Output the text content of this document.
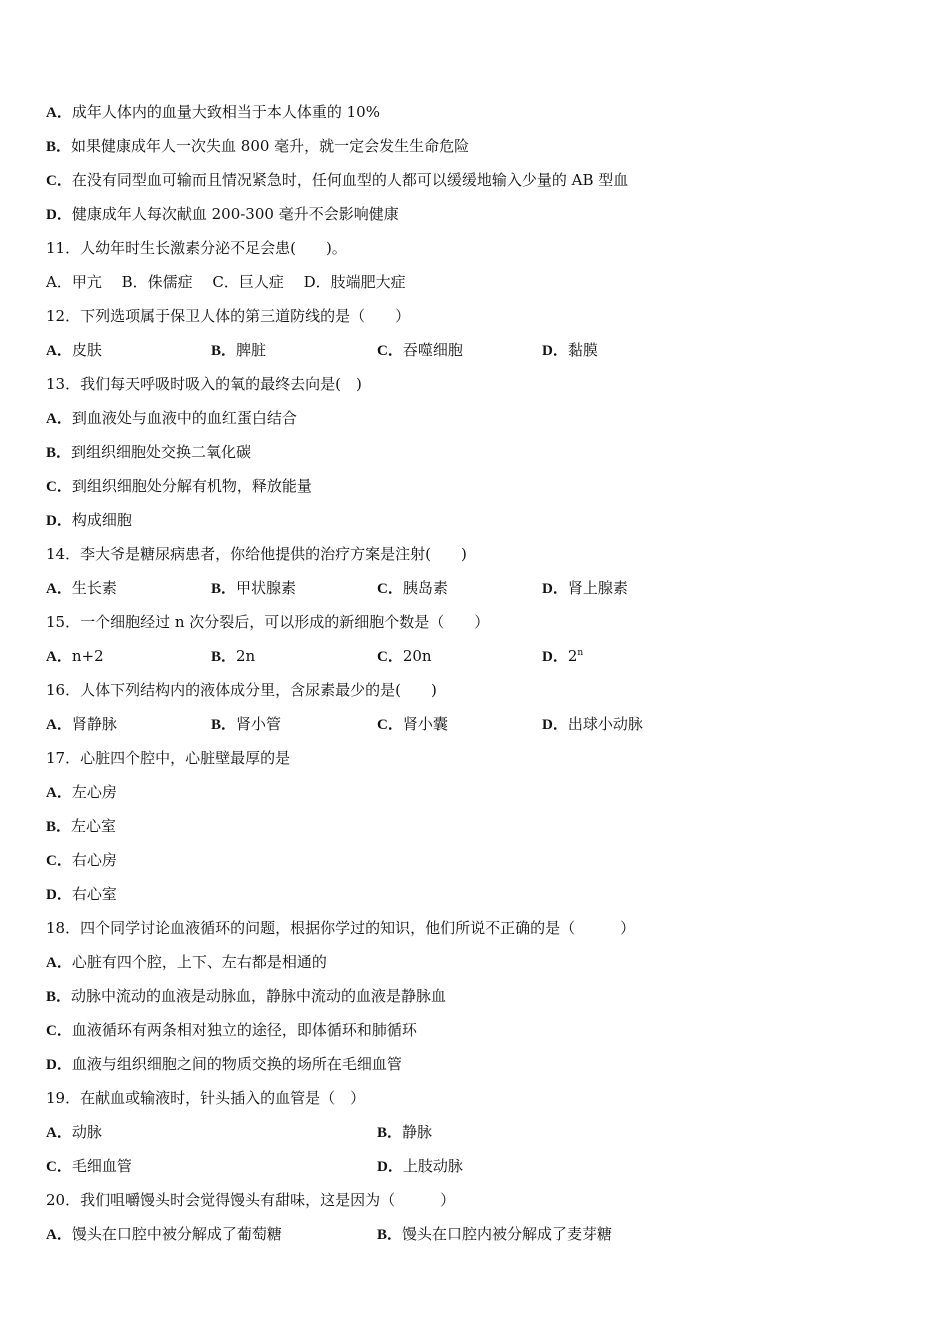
A．成年人体内的血量大致相当于本人体重的 10%
B．如果健康成年人一次失血 800 毫升，就一定会发生生命危险
C．在没有同型血可输而且情况紧急时，任何血型的人都可以缓缓地输入少量的 AB 型血
D．健康成年人每次献血 200-300 毫升不会影响健康
11．人幼年时生长激素分泌不足会患(　　)。
A．甲亢　 B．侏儒症　 C．巨人症　 D．肢端肥大症
12．下列选项属于保卫人体的第三道防线的是（　　）
A．皮肤	B．脾脏	C．吞噬细胞	D．黏膜
13．我们每天呼吸时吸入的氧的最终去向是(　)
A．到血液处与血液中的血红蛋白结合
B．到组织细胞处交换二氧化碳
C．到组织细胞处分解有机物，释放能量
D．构成细胞
14．李大爷是糖尿病患者，你给他提供的治疗方案是注射(　　)
A．生长素	B．甲状腺素	C．胰岛素	D．肾上腺素
15．一个细胞经过 n 次分裂后，可以形成的新细胞个数是（　　）
A．n+2	B．2n	C．20n	D．2$^n$
16．人体下列结构内的液体成分里，含尿素最少的是(　　)
A．肾静脉	B．肾小管	C．肾小囊	D．出球小动脉
17．心脏四个腔中，心脏壁最厚的是
A．左心房
B．左心室
C．右心房
D．右心室
18．四个同学讨论血液循环的问题，根据你学过的知识，他们所说不正确的是（　　　）
A．心脏有四个腔，上下、左右都是相通的
B．动脉中流动的血液是动脉血，静脉中流动的血液是静脉血
C．血液循环有两条相对独立的途径，即体循环和肺循环
D．血液与组织细胞之间的物质交换的场所在毛细血管
19．在献血或输液时，针头插入的血管是（　）
A．动脉	B．静脉
C．毛细血管	D．上肢动脉
20．我们咀嚼馒头时会觉得馒头有甜味，这是因为（　　　）
A．馒头在口腔中被分解成了葡萄糖	B．馒头在口腔内被分解成了麦芽糖
